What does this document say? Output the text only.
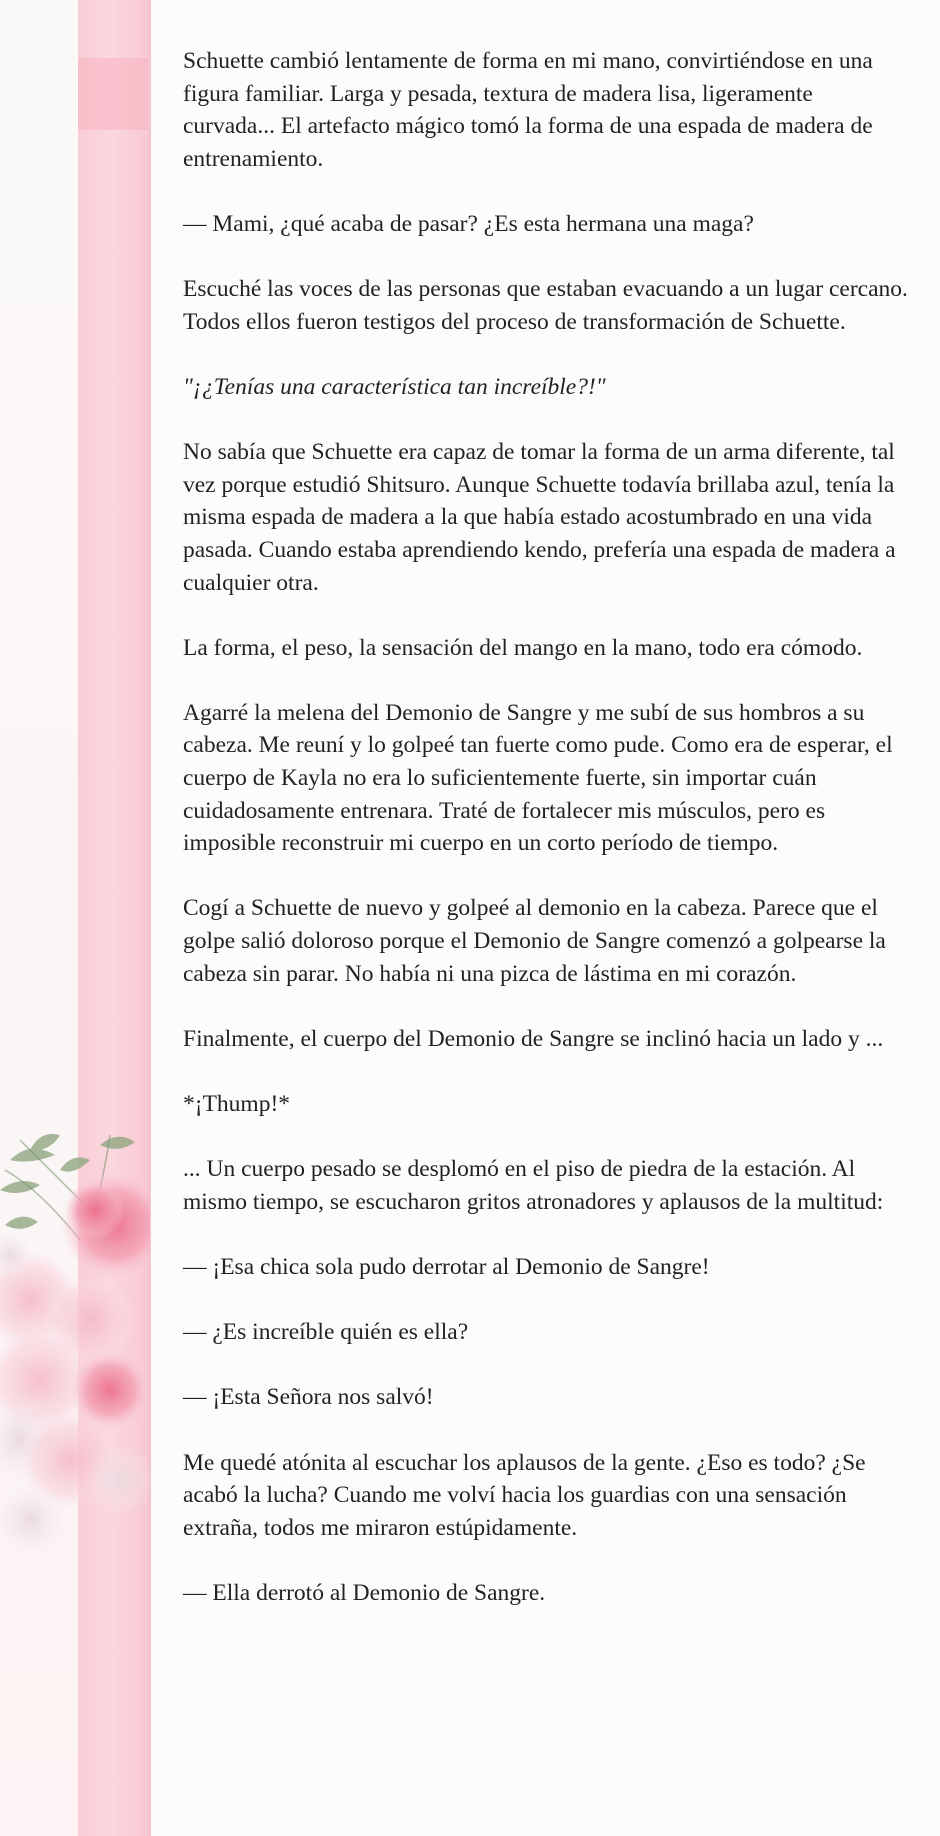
Schuette cambió lentamente de forma en mi mano, convirtiéndose en una figura familiar. Larga y pesada, textura de madera lisa, ligeramente curvada... El artefacto mágico tomó la forma de una espada de madera de entrenamiento.

— Mami, ¿qué acaba de pasar? ¿Es esta hermana una maga?

Escuché las voces de las personas que estaban evacuando a un lugar cercano. Todos ellos fueron testigos del proceso de transformación de Schuette.

"¡¿Tenías una característica tan increíble?!"

No sabía que Schuette era capaz de tomar la forma de un arma diferente, tal vez porque estudió Shitsuro. Aunque Schuette todavía brillaba azul, tenía la misma espada de madera a la que había estado acostumbrado en una vida pasada. Cuando estaba aprendiendo kendo, prefería una espada de madera a cualquier otra.

La forma, el peso, la sensación del mango en la mano, todo era cómodo.

Agarré la melena del Demonio de Sangre y me subí de sus hombros a su cabeza. Me reuní y lo golpeé tan fuerte como pude. Como era de esperar, el cuerpo de Kayla no era lo suficientemente fuerte, sin importar cuán cuidadosamente entrenara. Traté de fortalecer mis músculos, pero es imposible reconstruir mi cuerpo en un corto período de tiempo.

Cogí a Schuette de nuevo y golpeé al demonio en la cabeza. Parece que el golpe salió doloroso porque el Demonio de Sangre comenzó a golpearse la cabeza sin parar. No había ni una pizca de lástima en mi corazón.

Finalmente, el cuerpo del Demonio de Sangre se inclinó hacia un lado y ...

*¡Thump!*

... Un cuerpo pesado se desplomó en el piso de piedra de la estación. Al mismo tiempo, se escucharon gritos atronadores y aplausos de la multitud:

— ¡Esa chica sola pudo derrotar al Demonio de Sangre!

— ¿Es increíble quién es ella?

— ¡Esta Señora nos salvó!

Me quedé atónita al escuchar los aplausos de la gente. ¿Eso es todo? ¿Se acabó la lucha? Cuando me volví hacia los guardias con una sensación extraña, todos me miraron estúpidamente.

— Ella derrotó al Demonio de Sangre.
